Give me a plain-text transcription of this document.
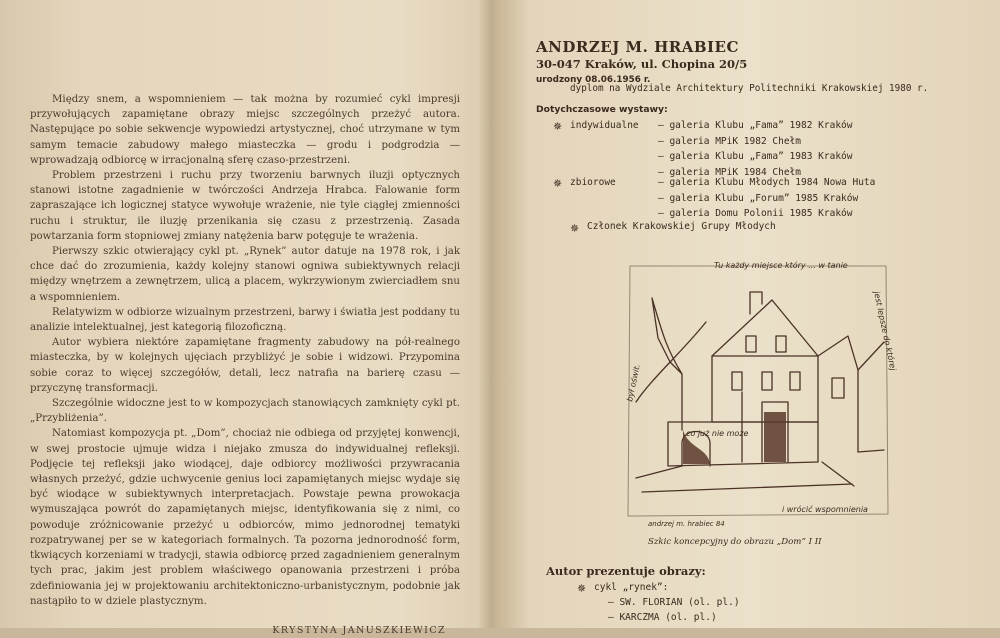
Między snem, a wspomnieniem — tak można by rozumieć cykl impresji przywołujących zapamiętane obrazy miejsc szczególnych przeżyć autora. Następujące po sobie sekwencje wypowiedzi artystycznej, choć utrzymane w tym samym temacie zabudowy małego miasteczka — grodu i podgrodzia — wprowadzają odbiorcę w irracjonalną sferę czaso-przestrzeni.

Problem przestrzeni i ruchu przy tworzeniu barwnych iluzji optycznych stanowi istotne zagadnienie w twórczości Andrzeja Hrabca. Falowanie form zapraszające ich logicznej statyce wywołuje wrażenie, nie tyle ciągłej zmienności ruchu i struktur, ile iluzję przenikania się czasu z przestrzenią. Zasada powtarzania form stopniowej zmiany natężenia barw potęguje te wrażenia.

Pierwszy szkic otwierający cykl pt. „Rynek” autor datuje na 1978 rok, i jak chce dać do zrozumienia, każdy kolejny stanowi ogniwa subiektywnych relacji między wnętrzem a zewnętrzem, ulicą a placem, wykrzywionym zwierciadłem snu a wspomnieniem.

Relatywizm w odbiorze wizualnym przestrzeni, barwy i światła jest poddany tu analizie intelektualnej, jest kategorią filozoficzną.

Autor wybiera niektóre zapamiętane fragmenty zabudowy na pół-realnego miasteczka, by w kolejnych ujęciach przybliżyć je sobie i widzowi. Przypomina sobie coraz to więcej szczegółów, detali, lecz natrafia na barierę czasu — przyczynę transformacji.

Szczególnie widoczne jest to w kompozycjach stanowiących zamknięty cykl pt. „Przybliżenia”.

Natomiast kompozycja pt. „Dom”, chociaż nie odbiega od przyjętej konwencji, w swej prostocie ujmuje widza i niejako zmusza do indywidualnej refleksji. Podjęcie tej refleksji jako wiodącej, daje odbiorcy możliwości przywracania własnych przeżyć, gdzie uchwycenie genius loci zapamiętanych miejsc wydaje się być wiodące w subiektywnych interpretacjach. Powstaje pewna prowokacja wymuszająca powrót do zapamiętanych miejsc, identyfikowania się z nimi, co powoduje zróżnicowanie przeżyć u odbiorców, mimo jednorodnej tematyki rozpatrywanej per se w kategoriach formalnych. Ta pozorna jednorodność form, tkwiących korzeniami w tradycji, stawia odbiorcę przed zagadnieniem generalnym tych prac, jakim jest problem właściwego opanowania przestrzeni i próba zdefiniowania jej w projektowaniu architektoniczno-urbanistycznym, podobnie jak nastąpiło to w dziele plastycznym.

KRYSTYNA JANUSZKIEWICZ
ANDRZEJ M. HRABIEC
30-047 Kraków, ul. Chopina 20/5
urodzony 08.06.1956 r.
dyplom na Wydziale Architektury Politechniki Krakowskiej 1980 r.
Dotychczasowe wystawy:
✵ indywidualne	— galeria Klubu „Fama” 1982 Kraków
— galeria MPiK 1982 Chełm
— galeria Klubu „Fama” 1983 Kraków
— galeria MPiK 1984 Chełm
✵ zbiorowe	— galeria Klubu Młodych 1984 Nowa Huta
— galeria Klubu „Forum” 1985 Kraków
— galeria Domu Polonii 1985 Kraków
✵ Członek Krakowskiej Grupy Młodych
Tu każdy miejsce który ... w tanie
był oświt.
co już nie może
jest lepsze do której
i wrócić wspomnienia
andrzej m. hrabiec 84
Szkic koncepcyjny do obrazu „Dom” I II
Autor prezentuje obrazy:
✵ cykl „rynek”:
— SW. FLORIAN (ol. pl.)
— KARCZMA (ol. pl.)
